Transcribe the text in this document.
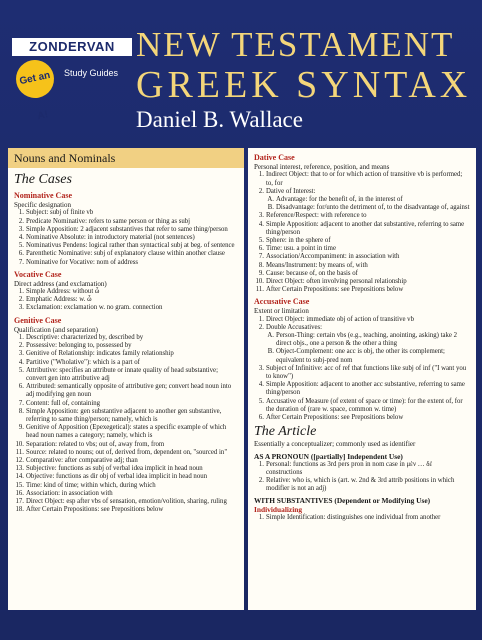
ZONDERVAN
Get an A!
Study Guides
NEW TESTAMENT
GREEK SYNTAX
Daniel B. Wallace
Nouns and Nominals
The Cases
Nominative Case
Specific designation
1. Subject: subj of finite vb
2. Predicate Nominative: refers to same person or thing as subj
3. Simple Apposition: 2 adjacent substantives that refer to same thing/person
4. Nominative Absolute: in introductory material (not sentences)
5. Nominativus Pendens: logical rather than syntactical subj at beg. of sentence
6. Parenthetic Nominative: subj of explanatory clause within another clause
7. Nominative for Vocative: nom of address
Vocative Case
Direct address (and exclamation)
1. Simple Address: without ὦ
2. Emphatic Address: w. ὦ
3. Exclamation: exclamation w. no gram. connection
Genitive Case
Qualification (and separation)
1. Descriptive: characterized by, described by
2. Possessive: belonging to, possessed by
3. Genitive of Relationship: indicates family relationship
4. Partitive ("Wholative"): which is a part of
5. Attributive: specifies an attribute or innate quality of head substantive; convert gen into attributive adj
6. Attributed: semantically opposite of attributive gen; convert head noun into adj modifying gen noun
7. Content: full of, containing
8. Simple Apposition: gen substantive adjacent to another gen substantive, referring to same thing/person; namely, which is
9. Genitive of Apposition (Epexegetical): states a specific example of which head noun names a category; namely, which is
10. Separation: related to vbs; out of, away from, from
11. Source: related to nouns; out of, derived from, dependent on, "sourced in"
12. Comparative: after comparative adj; than
13. Subjective: functions as subj of verbal idea implicit in head noun
14. Objective: functions as dir obj of verbal idea implicit in head noun
15. Time: kind of time; within which, during which
16. Association: in association with
17. Direct Object: esp after vbs of sensation, emotion/volition, sharing, ruling
18. After Certain Prepositions: see Prepositions below
Dative Case
Personal interest, reference, position, and means
1. Indirect Object: that to or for which action of transitive vb is performed; to, for
2. Dative of Interest:
A. Advantage: for the benefit of, in the interest of
B. Disadvantage: for/unto the detriment of, to the disadvantage of, against
3. Reference/Respect: with reference to
4. Simple Apposition: adjacent to another dat substantive, referring to same thing/person
5. Sphere: in the sphere of
6. Time: usu. a point in time
7. Association/Accompaniment: in association with
8. Means/Instrument: by means of, with
9. Cause: because of, on the basis of
10. Direct Object: often involving personal relationship
11. After Certain Prepositions: see Prepositions below
Accusative Case
Extent or limitation
1. Direct Object: immediate obj of action of transitive vb
2. Double Accusatives:
A. Person-Thing: certain vbs (e.g., teaching, anointing, asking) take 2 direct objs., one a person & the other a thing
B. Object-Complement: one acc is obj, the other its complement; equivalent to subj-pred nom
3. Subject of Infinitive: acc of ref that functions like subj of inf ("I want you to know")
4. Simple Apposition: adjacent to another acc substantive, referring to same thing/person
5. Accusative of Measure (of extent of space or time): for the extent of, for the duration of (rare w. space, common w. time)
6. After Certain Prepositions: see Prepositions below
The Article
Essentially a conceptualizer; commonly used as identifier
AS A PRONOUN ([partially] Independent Use)
1. Personal: functions as 3rd pers pron in nom case in μὲν … δέ constructions
2. Relative: who is, which is (art. w. 2nd & 3rd attrib positions in which modifier is not an adj)
WITH SUBSTANTIVES (Dependent or Modifying Use)
Individualizing
1. Simple Identification: distinguishes one individual from another
